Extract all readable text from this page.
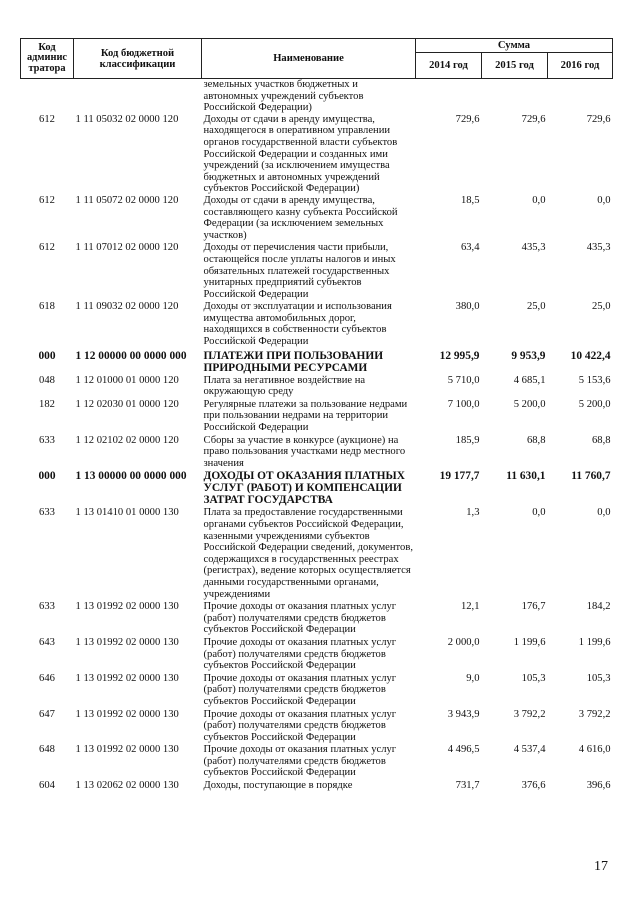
Код
админис
тратора	Код бюджетной
классификации	Наименование	Сумма		
			2014 год	2015 год	2016 год
		земельных участков бюджетных и автономных учреждений субъектов Российской Федерации)			
612	1 11 05032 02 0000 120	Доходы от сдачи в аренду имущества, находящегося в оперативном управлении органов государственной власти субъектов Российской Федерации и созданных ими учреждений (за исключением имущества бюджетных и автономных учреждений субъектов Российской Федерации)	729,6	729,6	729,6
612	1 11 05072 02 0000 120	Доходы от сдачи в аренду имущества, составляющего казну субъекта Российской Федерации (за исключением земельных участков)	18,5	0,0	0,0
612	1 11 07012 02 0000 120	Доходы от перечисления части прибыли, остающейся после уплаты налогов и иных обязательных платежей государственных унитарных предприятий субъектов Российской Федерации	63,4	435,3	435,3
618	1 11 09032 02 0000 120	Доходы от эксплуатации и использования имущества автомобильных дорог, находящихся в собственности субъектов Российской Федерации	380,0	25,0	25,0
000	1 12 00000 00 0000 000	ПЛАТЕЖИ ПРИ ПОЛЬЗОВАНИИ ПРИРОДНЫМИ РЕСУРСАМИ	12 995,9	9 953,9	10 422,4
048	1 12 01000 01 0000 120	Плата за негативное воздействие на окружающую среду	5 710,0	4 685,1	5 153,6
182	1 12 02030 01 0000 120	Регулярные платежи за пользование недрами при пользовании недрами на территории Российской Федерации	7 100,0	5 200,0	5 200,0
633	1 12 02102 02 0000 120	Сборы за участие в конкурсе (аукционе) на право пользования участками недр местного значения	185,9	68,8	68,8
000	1 13 00000 00 0000 000	ДОХОДЫ ОТ ОКАЗАНИЯ ПЛАТНЫХ УСЛУГ (РАБОТ) И КОМПЕНСАЦИИ ЗАТРАТ ГОСУДАРСТВА	19 177,7	11 630,1	11 760,7
633	1 13 01410 01 0000 130	Плата за предоставление государственными органами субъектов Российской Федерации, казенными учреждениями субъектов Российской Федерации сведений, документов, содержащихся в государственных реестрах (регистрах), ведение которых осуществляется данными государственными органами, учреждениями	1,3	0,0	0,0
633	1 13 01992 02 0000 130	Прочие доходы от оказания платных услуг (работ) получателями средств бюджетов субъектов Российской Федерации	12,1	176,7	184,2
643	1 13 01992 02 0000 130	Прочие доходы от оказания платных услуг (работ) получателями средств бюджетов субъектов Российской Федерации	2 000,0	1 199,6	1 199,6
646	1 13 01992 02 0000 130	Прочие доходы от оказания платных услуг (работ) получателями средств бюджетов субъектов Российской Федерации	9,0	105,3	105,3
647	1 13 01992 02 0000 130	Прочие доходы от оказания платных услуг (работ) получателями средств бюджетов субъектов Российской Федерации	3 943,9	3 792,2	3 792,2
648	1 13 01992 02 0000 130	Прочие доходы от оказания платных услуг (работ) получателями средств бюджетов субъектов Российской Федерации	4 496,5	4 537,4	4 616,0
604	1 13 02062 02 0000 130	Доходы, поступающие в порядке	731,7	376,6	396,6
17
